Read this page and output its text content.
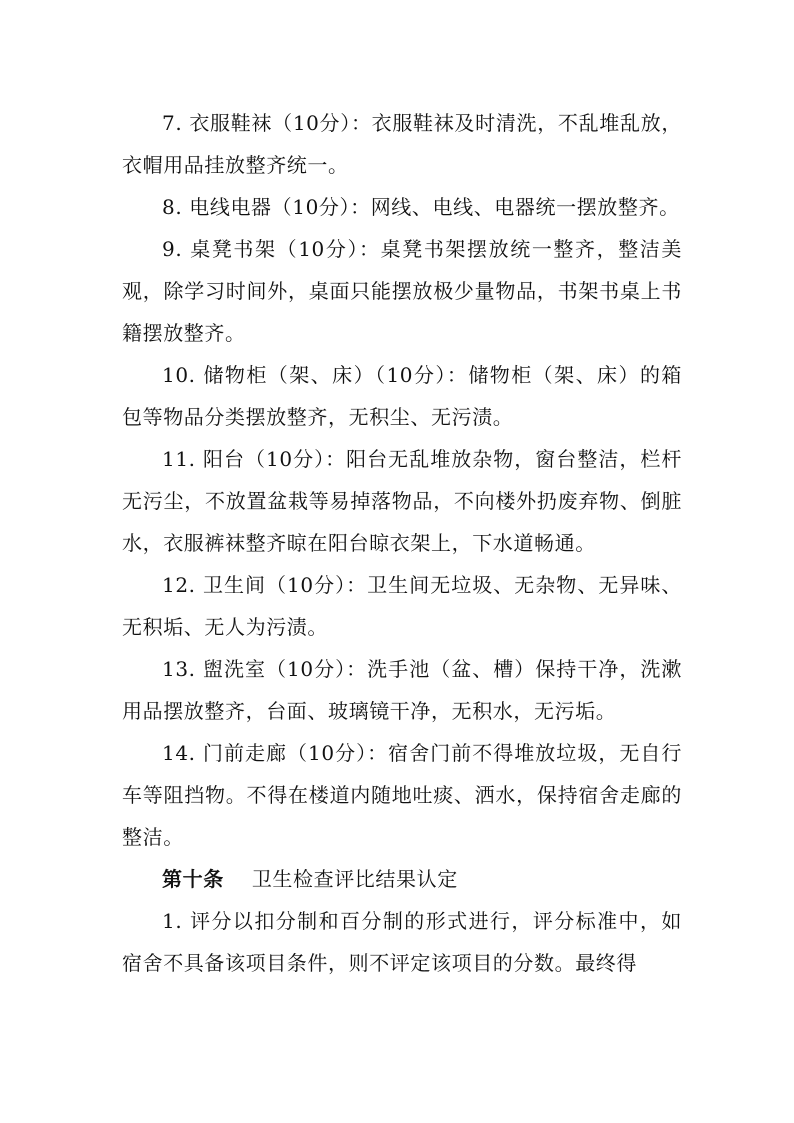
7. 衣服鞋袜（10分）：衣服鞋袜及时清洗，不乱堆乱放，衣帽用品挂放整齐统一。

8. 电线电器（10分）：网线、电线、电器统一摆放整齐。

9. 桌凳书架（10分）：桌凳书架摆放统一整齐，整洁美观，除学习时间外，桌面只能摆放极少量物品，书架书桌上书籍摆放整齐。

10. 储物柜（架、床）（10分）：储物柜（架、床）的箱包等物品分类摆放整齐，无积尘、无污渍。

11. 阳台（10分）：阳台无乱堆放杂物，窗台整洁，栏杆无污尘，不放置盆栽等易掉落物品，不向楼外扔废弃物、倒脏水，衣服裤袜整齐晾在阳台晾衣架上，下水道畅通。

12. 卫生间（10分）：卫生间无垃圾、无杂物、无异味、无积垢、无人为污渍。

13. 盥洗室（10分）：洗手池（盆、槽）保持干净，洗漱用品摆放整齐，台面、玻璃镜干净，无积水，无污垢。

14. 门前走廊（10分）：宿舍门前不得堆放垃圾，无自行车等阻挡物。不得在楼道内随地吐痰、洒水，保持宿舍走廊的整洁。

第十条 卫生检查评比结果认定

1. 评分以扣分制和百分制的形式进行，评分标准中，如宿舍不具备该项目条件，则不评定该项目的分数。最终得
